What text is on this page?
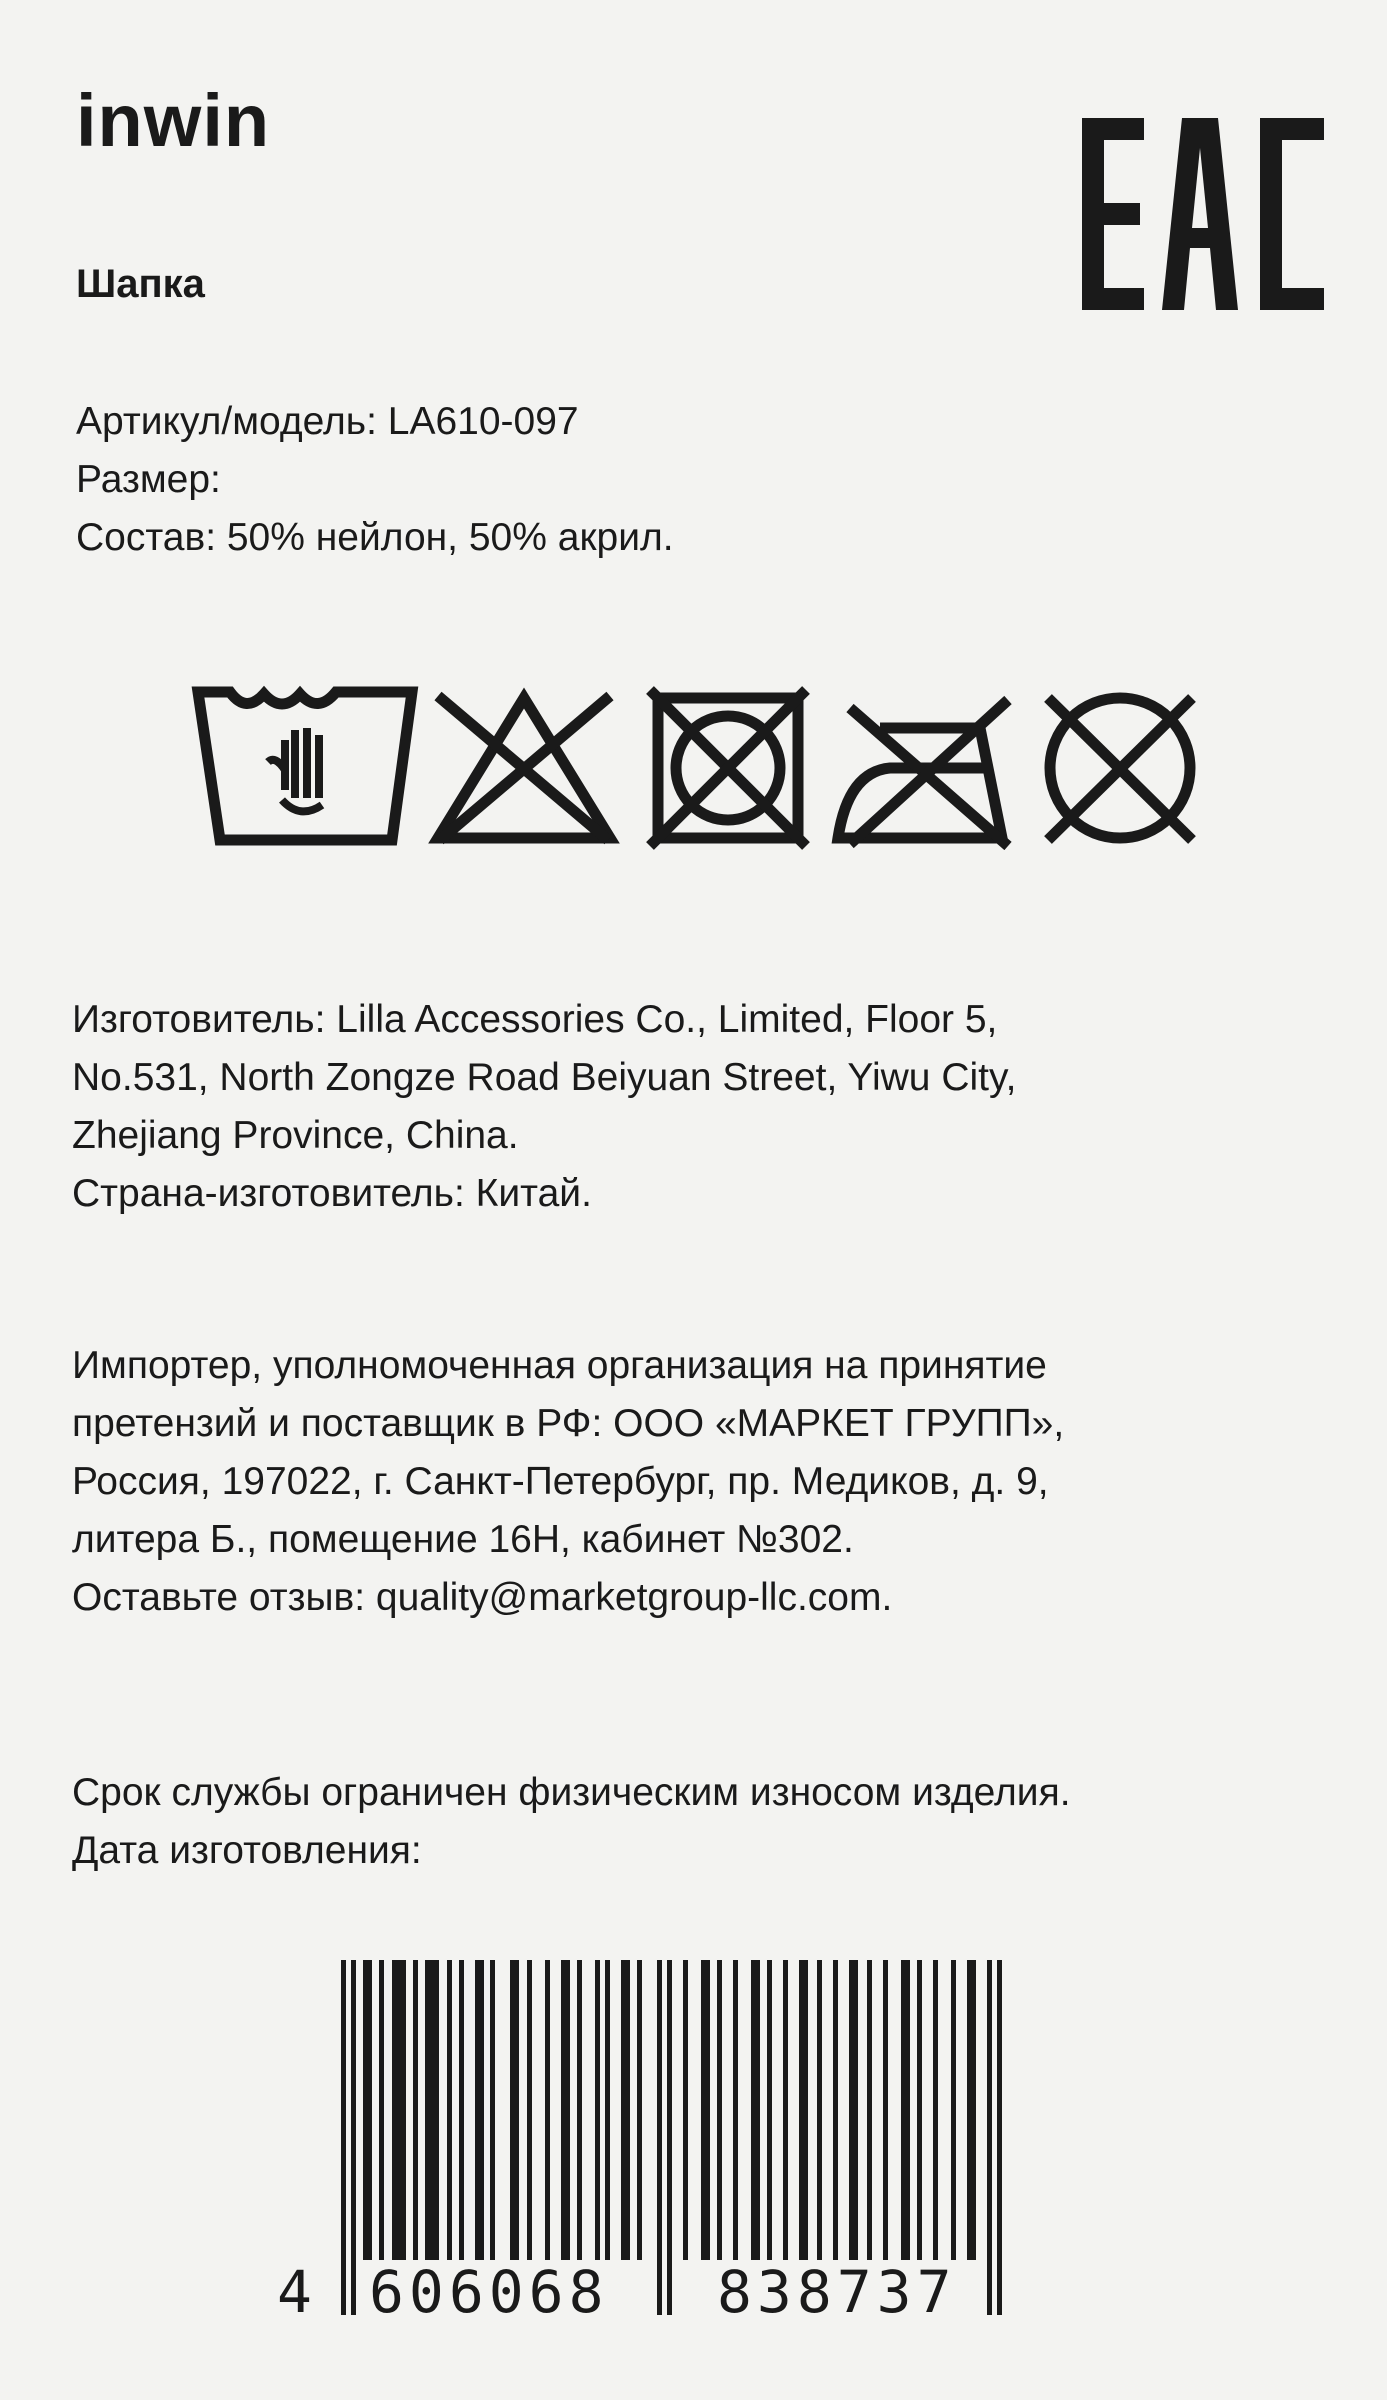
inwin
Шапка
Артикул/модель: LA610-097
Размер:
Состав: 50% нейлон, 50% акрил.
Изготовитель: Lilla Accessories Co., Limited, Floor 5,
No.531, North Zongze Road Beiyuan Street, Yiwu City,
Zhejiang Province, China.
Страна-изготовитель: Китай.
Импортер, уполномоченная организация на принятие
претензий и поставщик в РФ: ООО «МАРКЕТ ГРУПП»,
Россия, 197022, г. Санкт-Петербург, пр. Медиков, д. 9,
литера Б., помещение 16Н, кабинет №302.
Оставьте отзыв: quality@marketgroup-llc.com.
Срок службы ограничен физическим износом изделия.
Дата изготовления:
4 606068 838737
